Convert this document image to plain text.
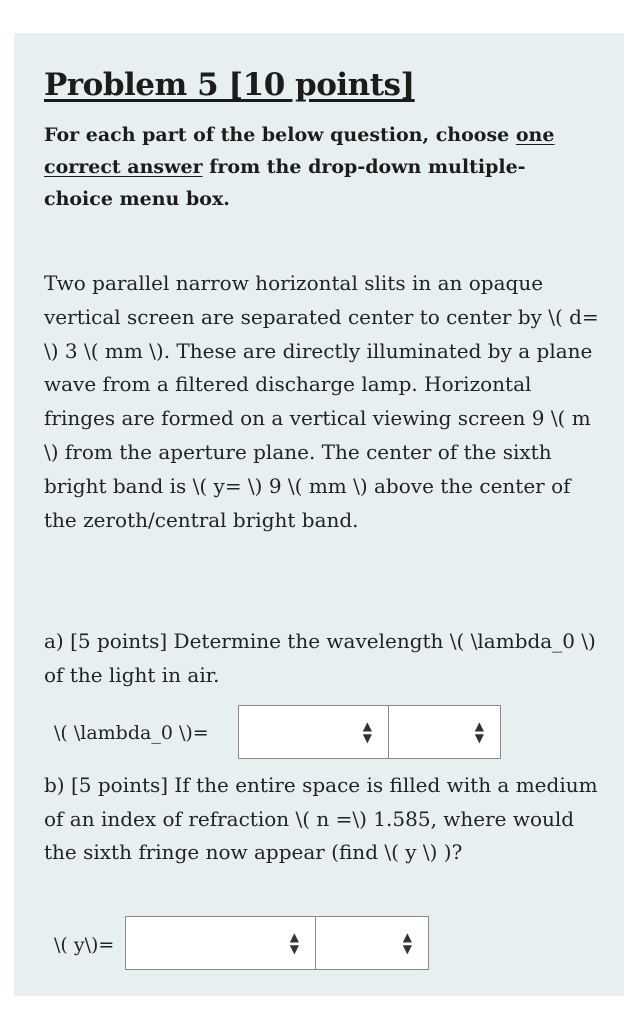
Problem 5 [10 points]

For each part of the below question, choose one correct answer from the drop-down multiple-choice menu box.

Two parallel narrow horizontal slits in an opaque vertical screen are separated center to center by \( d= \) 3 \( mm \). These are directly illuminated by a plane wave from a filtered discharge lamp. Horizontal fringes are formed on a vertical viewing screen 9 \( m \) from the aperture plane. The center of the sixth bright band is \( y= \) 9 \( mm \) above the center of the zeroth/central bright band.

a) [5 points] Determine the wavelength \( \lambda_0 \) of the light in air.

\( \lambda_0 \)=	▲
▼
▲
▼

b) [5 points] If the entire space is filled with a medium of an index of refraction \( n =\) 1.585, where would the sixth fringe now appear (find \( y \) )?

\( y\)=	▲
▼
▲
▼
